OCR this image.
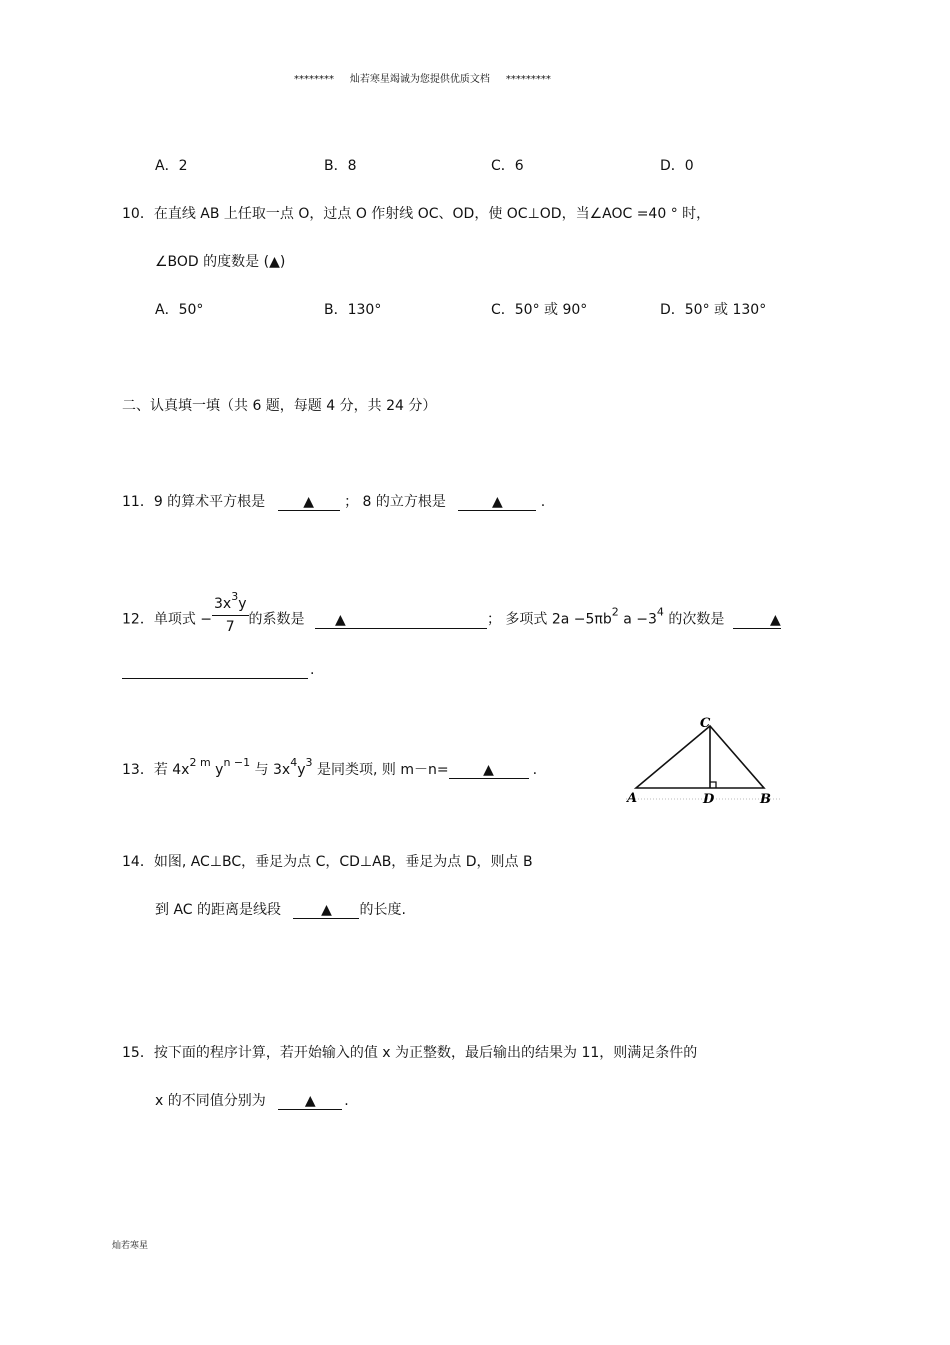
******** 灿若寒星竭诚为您提供优质文档 *********
A．2	B．8	C．6	D．0
10．在直线 AB 上任取一点 O，过点 O 作射线 OC、OD，使 OC⊥OD，当∠AOC =40 ° 时，
∠BOD 的度数是 (▲)
A．50°	B．130°	C．50° 或 90°	D．50° 或 130°
二、认真填一填（共 6 题，每题 4 分，共 24 分）
11．9 的算术平方根是	▲ ； 8 的立方根是	▲	.
12．单项式 − $\frac{3x^3y}{7}$ 的系数是 ▲	； 多项式 $2a -5\pi b^2$ $a -3^4$ 的次数是	▲
.
13．若 $4x^{2 m}$ $y^{n -1}$ 与 $3x^4y^3$ 是同类项, 则 m－n= ▲	.
C
A	D	B
14．如图, AC⊥BC，垂足为点 C，CD⊥AB，垂足为点 D，则点 B
到 AC 的距离是线段	▲ 的长度.
15．按下面的程序计算，若开始输入的值 x 为正整数，最后输出的结果为 11，则满足条件的
x 的不同值分别为	▲ .
灿若寒星
